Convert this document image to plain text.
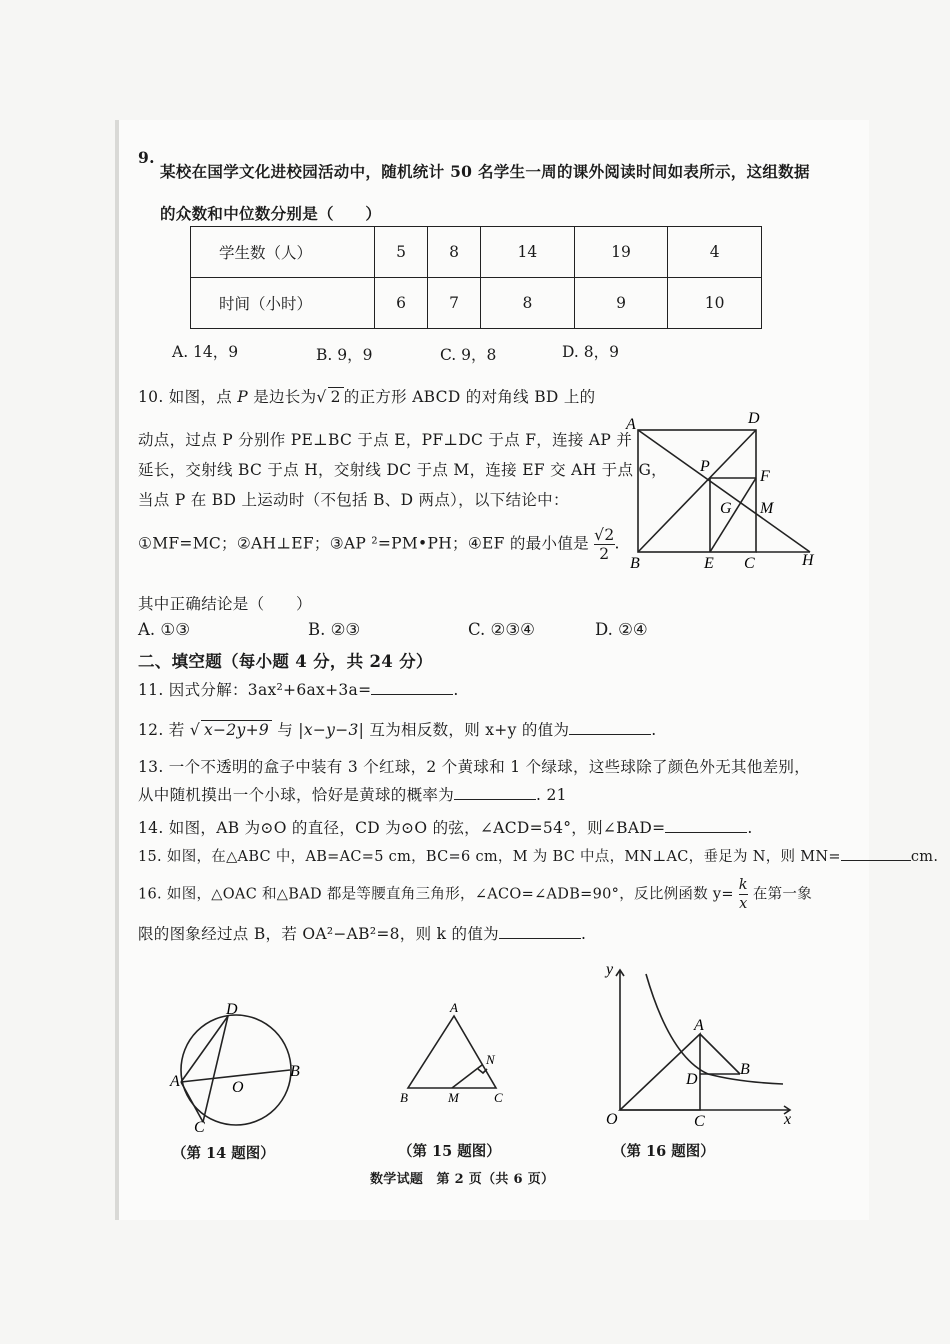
9.
某校在国学文化进校园活动中，随机统计 50 名学生一周的课外阅读时间如表所示，这组数据
的众数和中位数分别是（　　）
学生数（人）	5	8	14	19	4
时间（小时）	6	7	8	9	10
A. 14，9	B. 9，9	C. 9，8	D. 8，9
10. 如图，点 P 是边长为√ 2 的正方形 ABCD 的对角线 BD 上的
动点，过点 P 分别作 PE⊥BC 于点 E，PF⊥DC 于点 F，连接 AP 并
延长，交射线 BC 于点 H，交射线 DC 于点 M，连接 EF 交 AH 于点 G，
当点 P 在 BD 上运动时（不包括 B、D 两点），以下结论中：
①MF=MC；②AH⊥EF；③AP ²=PM•PH；④EF 的最小值是 $\frac{√2}{2}$ .
其中正确结论是（　　）
A. ①③	B. ②③	C. ②③④	D. ②④
A	D
P
F
G M
B	E C	H
二、填空题（每小题 4 分，共 24 分）
11. 因式分解：3ax²+6ax+3a=	.
12. 若 √ x−2y+9 与 |x−y−3| 互为相反数，则 x+y 的值为	.
13. 一个不透明的盒子中装有 3 个红球，2 个黄球和 1 个绿球，这些球除了颜色外无其他差别，
从中随机摸出一个小球，恰好是黄球的概率为	. 21
14. 如图，AB 为⊙O 的直径，CD 为⊙O 的弦，∠ACD=54°，则∠BAD=	.
15. 如图，在△ABC 中，AB=AC=5 cm，BC=6 cm，M 为 BC 中点，MN⊥AC，垂足为 N，则 MN=	cm.
16. 如图，△OAC 和△BAD 都是等腰直角三角形，∠ACO=∠ADB=90°，反比例函数 $y= \frac{k}{x}$ 在第一象
限的图象经过点 B，若 OA²−AB²=8，则 k 的值为	.
D
A	O
B
C
（第 14 题图）
A
N
B	M	C
（第 15 题图）
y
A
D
B
O	C	x
（第 16 题图）
数学试题　第 2 页（共 6 页）
